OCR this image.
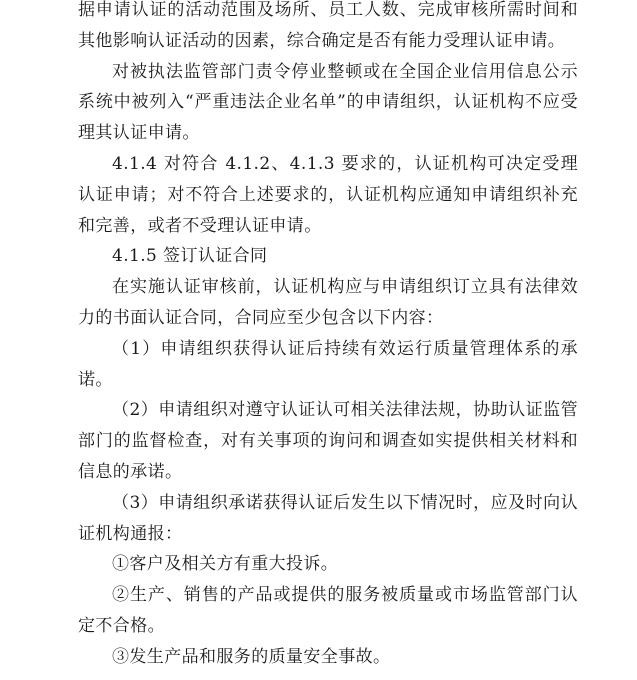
据申请认证的活动范围及场所、员工人数、完成审核所需时间和其他影响认证活动的因素，综合确定是否有能力受理认证申请。

对被执法监管部门责令停业整顿或在全国企业信用信息公示系统中被列入“严重违法企业名单”的申请组织，认证机构不应受理其认证申请。

4.1.4 对符合 4.1.2、4.1.3 要求的，认证机构可决定受理认证申请；对不符合上述要求的，认证机构应通知申请组织补充和完善，或者不受理认证申请。

4.1.5 签订认证合同

在实施认证审核前，认证机构应与申请组织订立具有法律效力的书面认证合同，合同应至少包含以下内容：

（1）申请组织获得认证后持续有效运行质量管理体系的承诺。

（2）申请组织对遵守认证认可相关法律法规，协助认证监管部门的监督检查，对有关事项的询问和调查如实提供相关材料和信息的承诺。

（3）申请组织承诺获得认证后发生以下情况时，应及时向认证机构通报：

①客户及相关方有重大投诉。

②生产、销售的产品或提供的服务被质量或市场监管部门认定不合格。

③发生产品和服务的质量安全事故。
